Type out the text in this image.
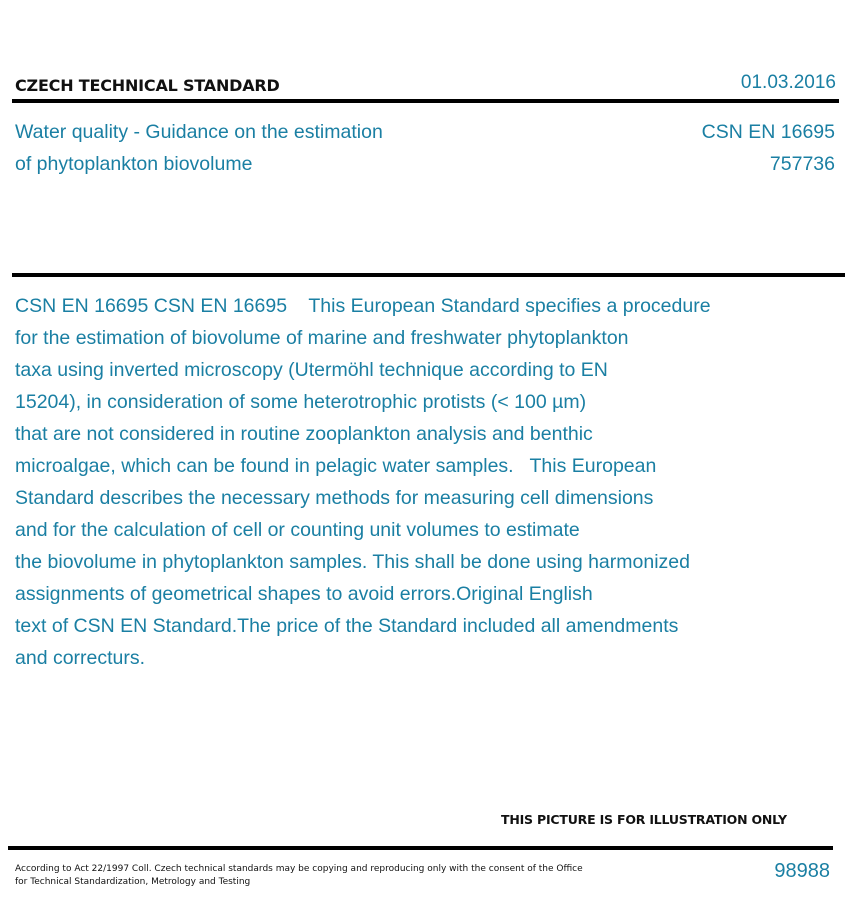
CZECH TECHNICAL STANDARD	01.03.2016
Water quality - Guidance on the estimation
of phytoplankton biovolume
CSN EN 16695
757736
CSN EN 16695 CSN EN 16695    This European Standard specifies a procedure
for the estimation of biovolume of marine and freshwater phytoplankton
taxa using inverted microscopy (Utermöhl technique according to EN
15204), in consideration of some heterotrophic protists (< 100 µm)
that are not considered in routine zooplankton analysis and benthic
microalgae, which can be found in pelagic water samples.   This European
Standard describes the necessary methods for measuring cell dimensions
and for the calculation of cell or counting unit volumes to estimate
the biovolume in phytoplankton samples. This shall be done using harmonized
assignments of geometrical shapes to avoid errors.Original English
text of CSN EN Standard.The price of the Standard included all amendments
and correcturs.
THIS PICTURE IS FOR ILLUSTRATION ONLY
According to Act 22/1997 Coll. Czech technical standards may be copying and reproducing only with the consent of the Office
for Technical Standardization, Metrology and Testing	98988
